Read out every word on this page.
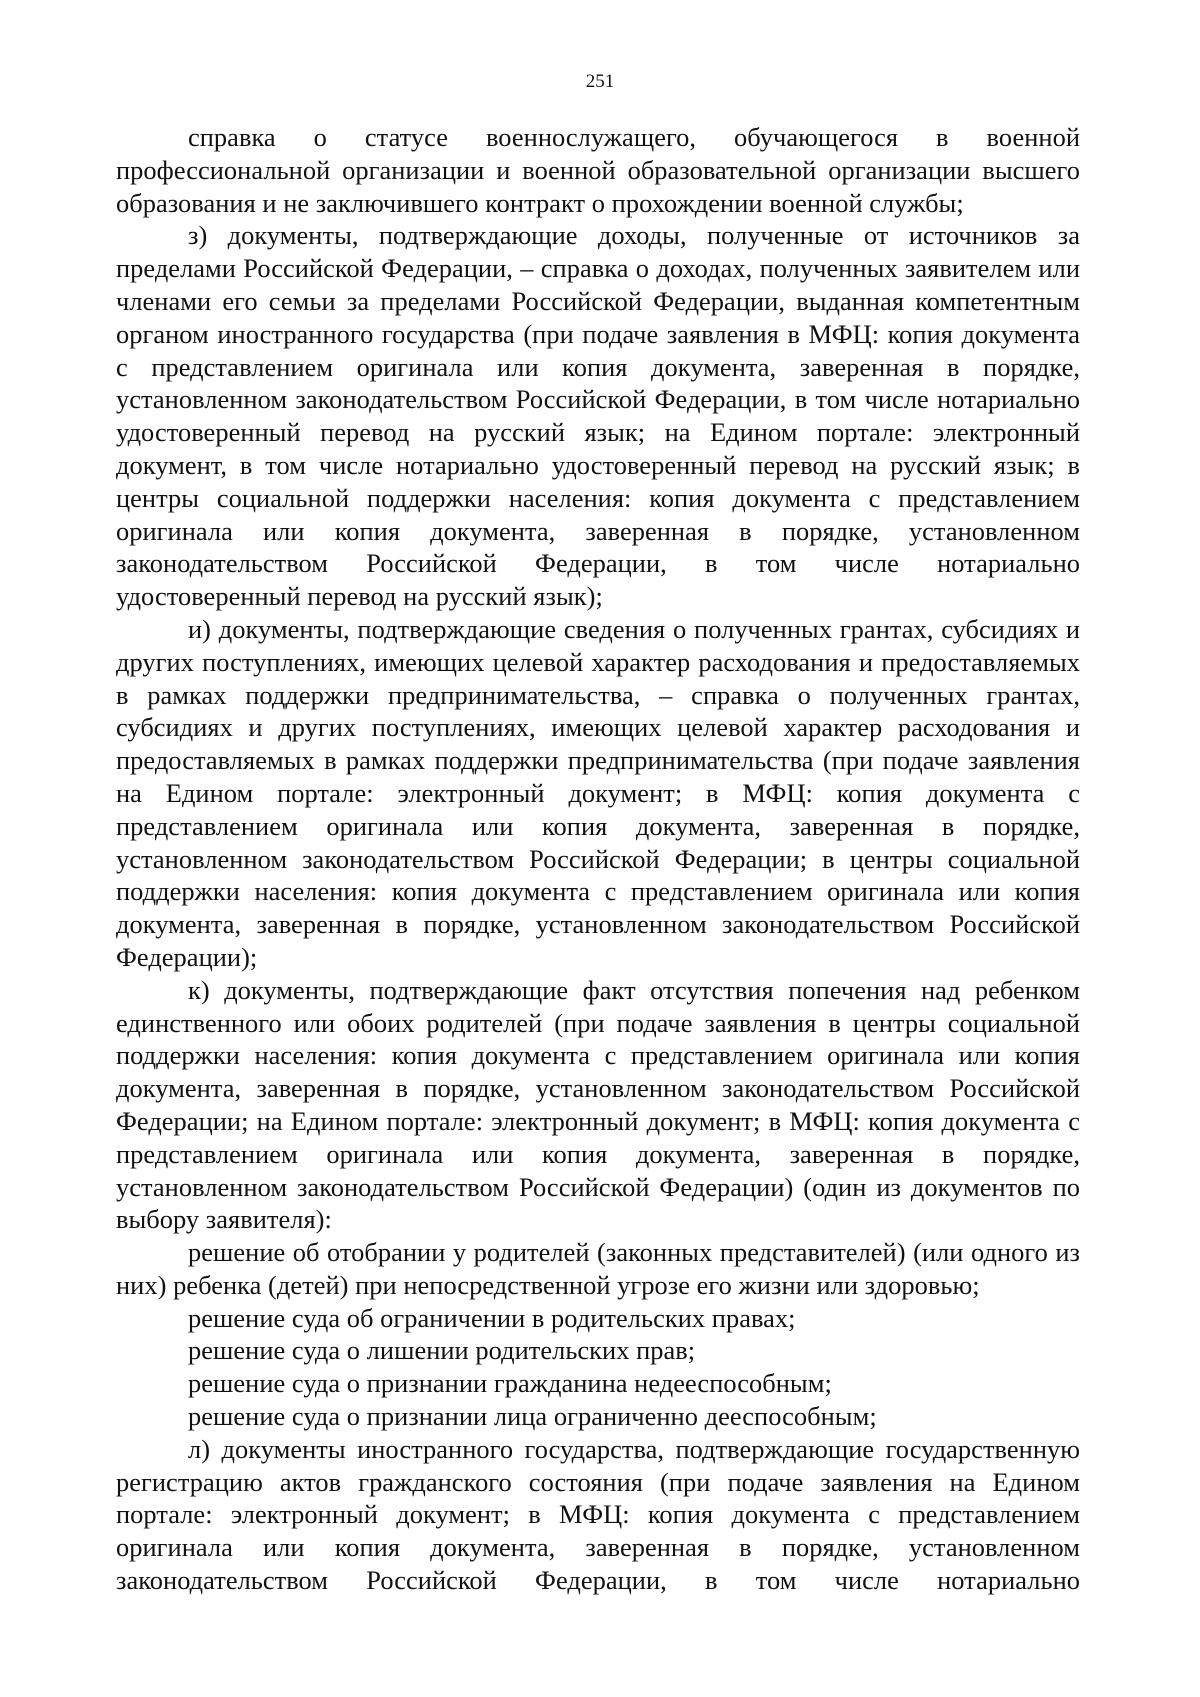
251

справка о статусе военнослужащего, обучающегося в военной профессиональной организации и военной образовательной организации высшего образования и не заключившего контракт о прохождении военной службы;

з) документы, подтверждающие доходы, полученные от источников за пределами Российской Федерации, – справка о доходах, полученных заявителем или членами его семьи за пределами Российской Федерации, выданная компетентным органом иностранного государства (при подаче заявления в МФЦ: копия документа с представлением оригинала или копия документа, заверенная в порядке, установленном законодательством Российской Федерации, в том числе нотариально удостоверенный перевод на русский язык; на Едином портале: электронный документ, в том числе нотариально удостоверенный перевод на русский язык; в центры социальной поддержки населения: копия документа с представлением оригинала или копия документа, заверенная в порядке, установленном законодательством Российской Федерации, в том числе нотариально удостоверенный перевод на русский язык);

и) документы, подтверждающие сведения о полученных грантах, субсидиях и других поступлениях, имеющих целевой характер расходования и предоставляемых в рамках поддержки предпринимательства, – справка о полученных грантах, субсидиях и других поступлениях, имеющих целевой характер расходования и предоставляемых в рамках поддержки предпринимательства (при подаче заявления на Едином портале: электронный документ; в МФЦ: копия документа с представлением оригинала или копия документа, заверенная в порядке, установленном законодательством Российской Федерации; в центры социальной поддержки населения: копия документа с представлением оригинала или копия документа, заверенная в порядке, установленном законодательством Российской Федерации);

к) документы, подтверждающие факт отсутствия попечения над ребенком единственного или обоих родителей (при подаче заявления в центры социальной поддержки населения: копия документа с представлением оригинала или копия документа, заверенная в порядке, установленном законодательством Российской Федерации; на Едином портале: электронный документ; в МФЦ: копия документа с представлением оригинала или копия документа, заверенная в порядке, установленном законодательством Российской Федерации) (один из документов по выбору заявителя):

решение об отобрании у родителей (законных представителей) (или одного из них) ребенка (детей) при непосредственной угрозе его жизни или здоровью;

решение суда об ограничении в родительских правах;

решение суда о лишении родительских прав;

решение суда о признании гражданина недееспособным;

решение суда о признании лица ограниченно дееспособным;

л) документы иностранного государства, подтверждающие государственную регистрацию актов гражданского состояния (при подаче заявления на Едином портале: электронный документ; в МФЦ: копия документа с представлением оригинала или копия документа, заверенная в порядке, установленном законодательством Российской Федерации, в том числе нотариально
